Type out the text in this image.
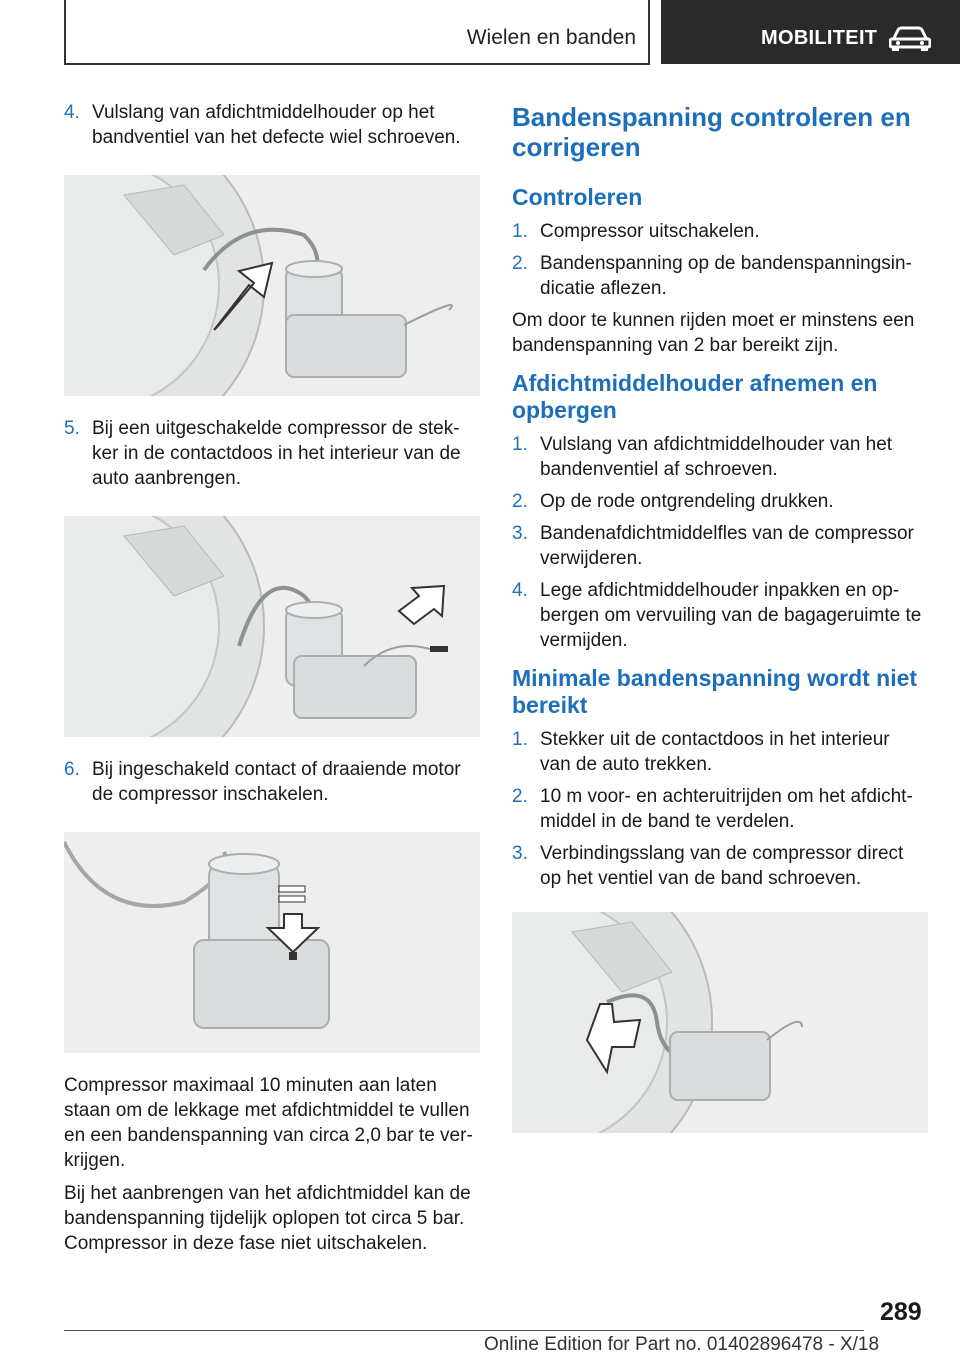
Wielen en banden	MOBILITEIT
4. Vulslang van afdichtmiddelhouder op het bandventiel van het defecte wiel schroeven.
5. Bij een uitgeschakelde compressor de stek-ker in de contactdoos in het interieur van de auto aanbrengen.
6. Bij ingeschakeld contact of draaiende motor de compressor inschakelen.

Compressor maximaal 10 minuten aan laten staan om de lekkage met afdichtmiddel te vullen en een bandenspanning van circa 2,0 bar te ver-krijgen.

Bij het aanbrengen van het afdichtmiddel kan de bandenspanning tijdelijk oplopen tot circa 5 bar. Compressor in deze fase niet uitschakelen.

Bandenspanning controleren en corrigeren
Controleren
1. Compressor uitschakelen.
2. Bandenspanning op de bandenspanningsin-dicatie aflezen.

Om door te kunnen rijden moet er minstens een bandenspanning van 2 bar bereikt zijn.

Afdichtmiddelhouder afnemen en opbergen
1. Vulslang van afdichtmiddelhouder van het bandenventiel af schroeven.
2. Op de rode ontgrendeling drukken.
3. Bandenafdichtmiddelfles van de compressor verwijderen.
4. Lege afdichtmiddelhouder inpakken en op-bergen om vervuiling van de bagageruimte te vermijden.
Minimale bandenspanning wordt niet bereikt
1. Stekker uit de contactdoos in het interieur van de auto trekken.
2. 10 m voor- en achteruitrijden om het afdicht-middel in de band te verdelen.
3. Verbindingsslang van de compressor direct op het ventiel van de band schroeven.
289
Online Edition for Part no. 01402896478 - X/18
